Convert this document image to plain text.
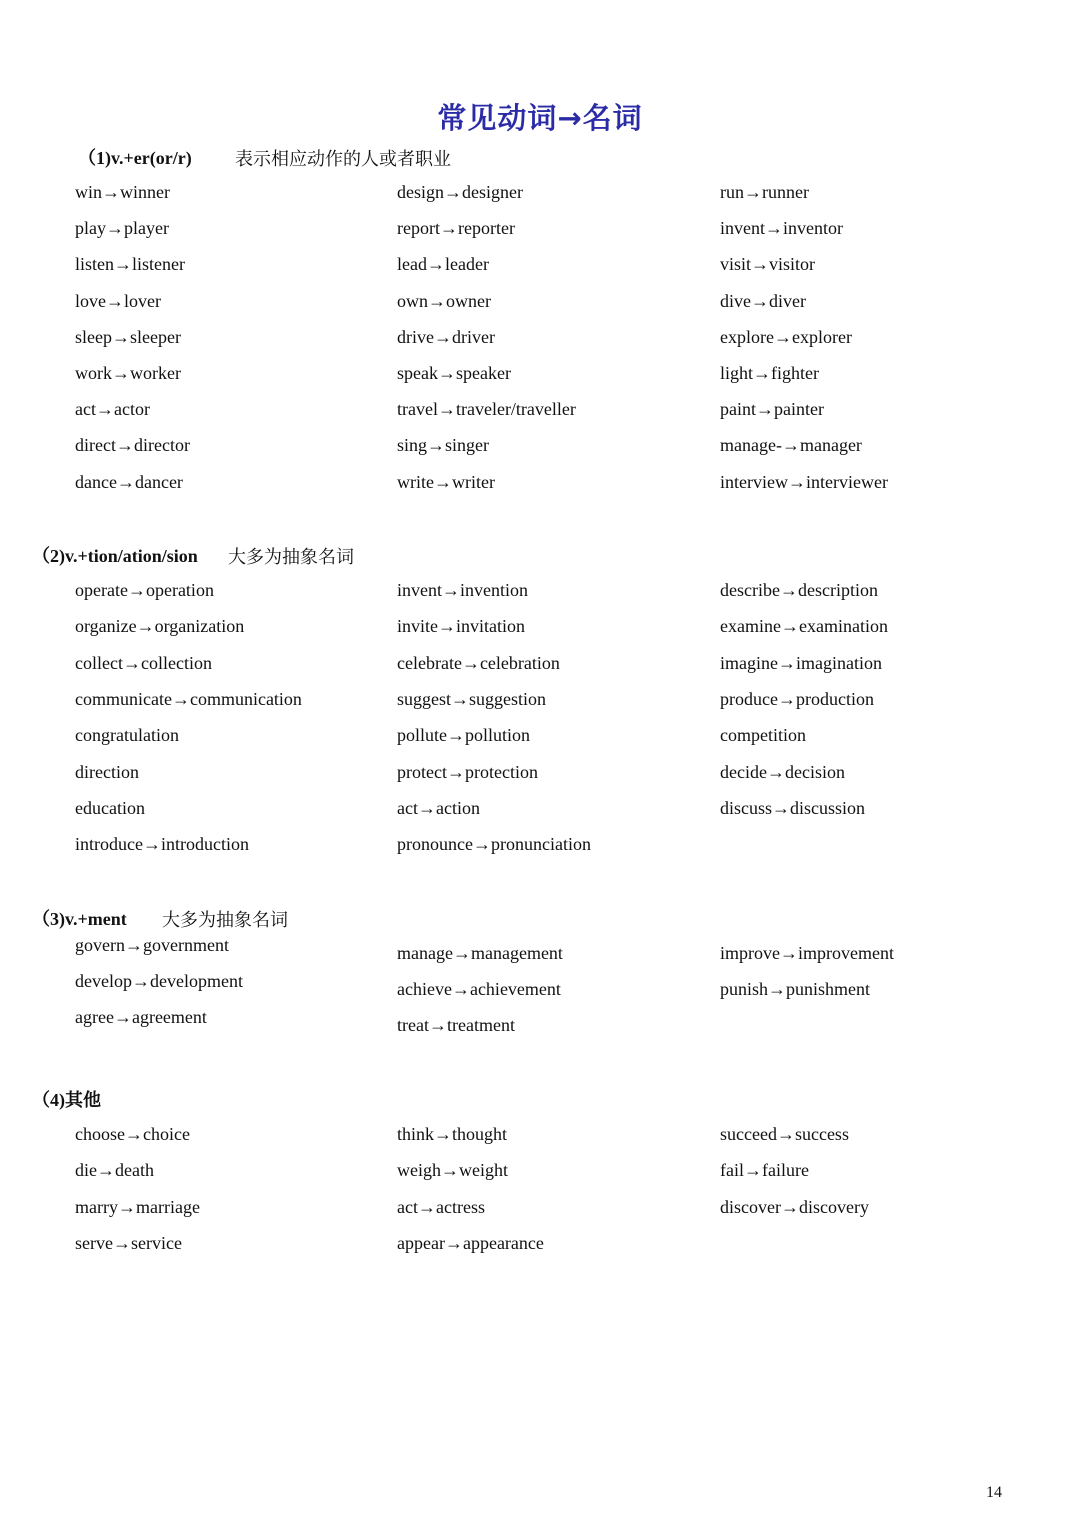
常见动词→名词
（1)v.+er(or/r) 表示相应动作的人或者职业
win→winner
play→player
listen→listener
love→lover
sleep→sleeper
work→worker
act→actor
direct→director
dance→dancer
design→designer
report→reporter
lead→leader
own→owner
drive→driver
speak→speaker
travel→traveler/traveller
sing→singer
write→writer
run→runner
invent→inventor
visit→visitor
dive→diver
explore→explorer
light→fighter
paint→painter
manage-→manager
interview→interviewer
（2)v.+tion/ation/sion 大多为抽象名词
operate→operation
organize→organization
collect→collection
communicate→communication
congratulation
direction
education
introduce→introduction
invent→invention
invite→invitation
celebrate→celebration
suggest→suggestion
pollute→pollution
protect→protection
act→action
pronounce→pronunciation
describe→description
examine→examination
imagine→imagination
produce→production
competition
decide→decision
discuss→discussion
（3)v.+ment 大多为抽象名词
govern→government
develop→development
agree→agreement
manage→management
achieve→achievement
treat→treatment
improve→improvement
punish→punishment
（4)其他
choose→choice
die→death
marry→marriage
serve→service
think→thought
weigh→weight
act→actress
appear→appearance
succeed→success
fail→failure
discover→discovery
14
